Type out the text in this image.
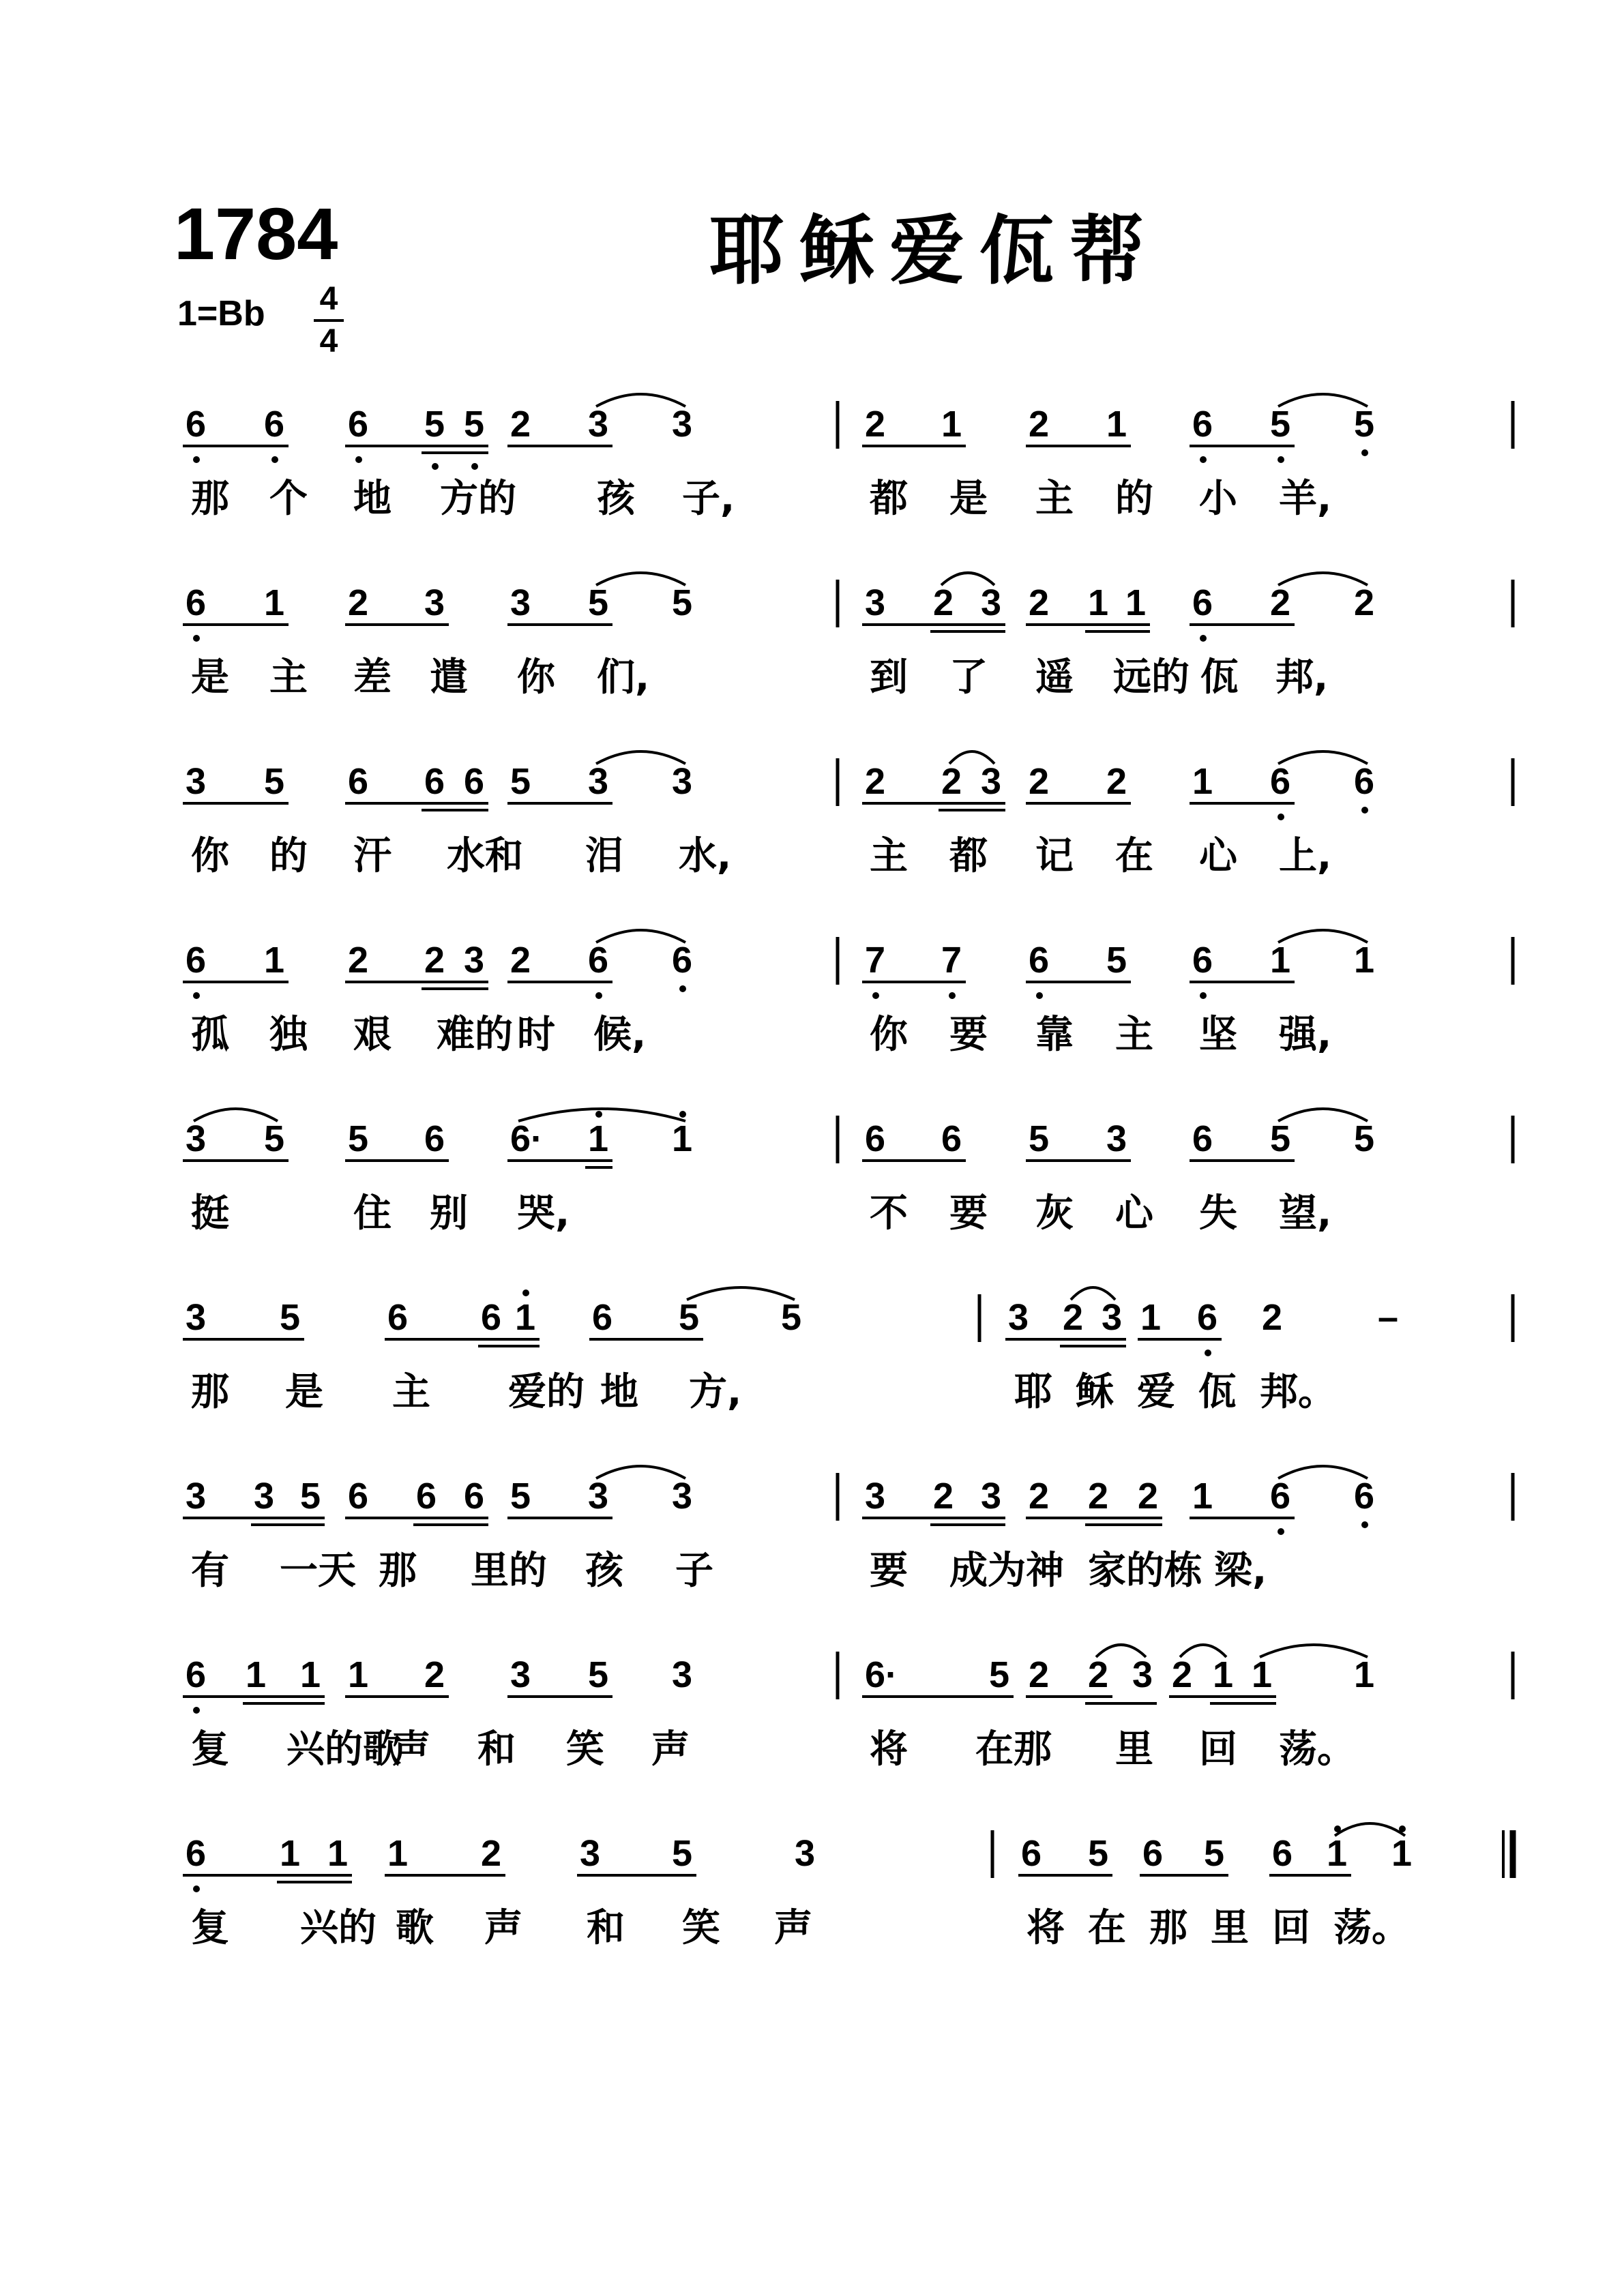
1784	耶稣爱佤帮
1=Bb 4
4
6 6 6 5 5 2 3 3
那 个 地 方的 孩 子,
2 1 2 1 6 5 5
都 是 主 的 小 羊,
6 1 2 3 3 5 5
是 主 差 遣 你 们,
3 2 3 2 1 1 6 2 2
到 了 遥 远的 佤 邦,
3 5 6 6 6 5 3 3
你 的 汗 水和 泪 水,
2 2 3 2 2 1 6 6
主 都 记 在 心 上,
6 1 2 2 3 2 6 6
孤 独 艰 难的 时 候,
7 7 6 5 6 1 1
你 要 靠 主 坚 强,
3 5 5 6 6· 1 1
挺	住 别 哭,
6 6 5 3 6 5 5
不 要 灰 心 失 望,
3 5 6 6 1 6 5 5
那 是 主 爱的 地 方,
3 2 3 1 6 2	–
耶 稣 爱 佤 邦。
3 3 5 6 6 6 5 3 3
有 一天 那 里的 孩 子
3 2 3 2 2 2 1 6 6
要 成为神 家的栋 梁,
6 1 1 1 2 3 5 3
复 兴的歌
声 和 笑 声
6· 5 2 2 3 2 1 1 1
将 在那 里 回 荡。
6 1 1 1 2 3 5	3
复 兴的 歌 声 和 笑 声
6 5 6 5 6 1 1
将 在 那 里 回 荡。
